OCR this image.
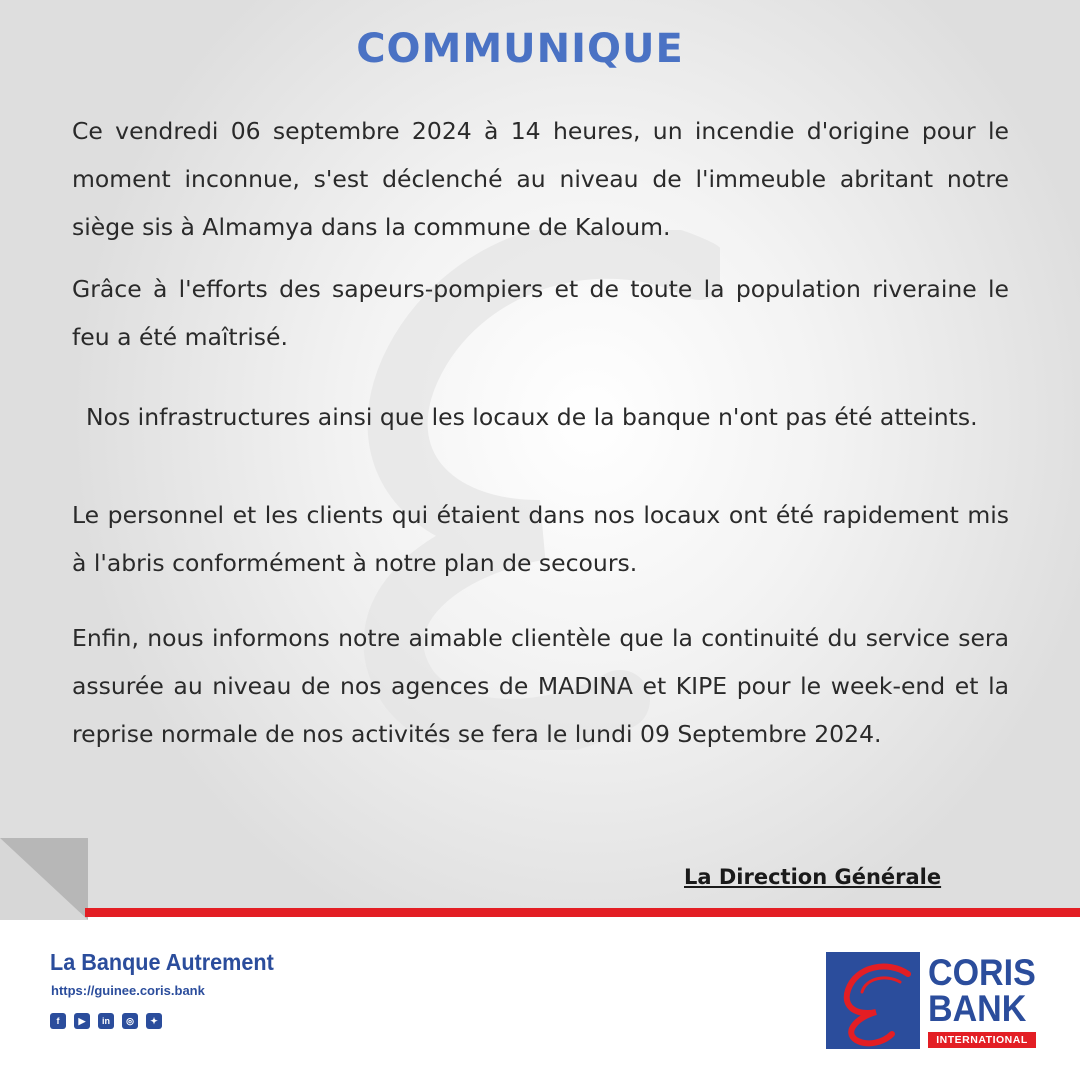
COMMUNIQUE

Ce vendredi 06 septembre 2024 à 14 heures, un incendie d'origine pour le moment inconnue, s'est déclenché au niveau de l'immeuble abritant notre siège sis à Almamya dans la commune de Kaloum.

Grâce à l'efforts des sapeurs-pompiers et de toute la population riveraine le feu a été maîtrisé.

Nos infrastructures ainsi que les locaux de la banque n'ont pas été atteints.

Le personnel et les clients qui étaient dans nos locaux ont été rapidement mis à l'abris conformément à notre plan de secours.

Enfin, nous informons notre aimable clientèle que la continuité du service sera assurée au niveau de nos agences de MADINA et KIPE pour le week-end et la reprise normale de nos activités se fera le lundi 09 Septembre 2024.

La Direction Générale
La Banque Autrement
https://guinee.coris.bank
f	▶	in	◎	✦
CORIS
BANK
INTERNATIONAL
